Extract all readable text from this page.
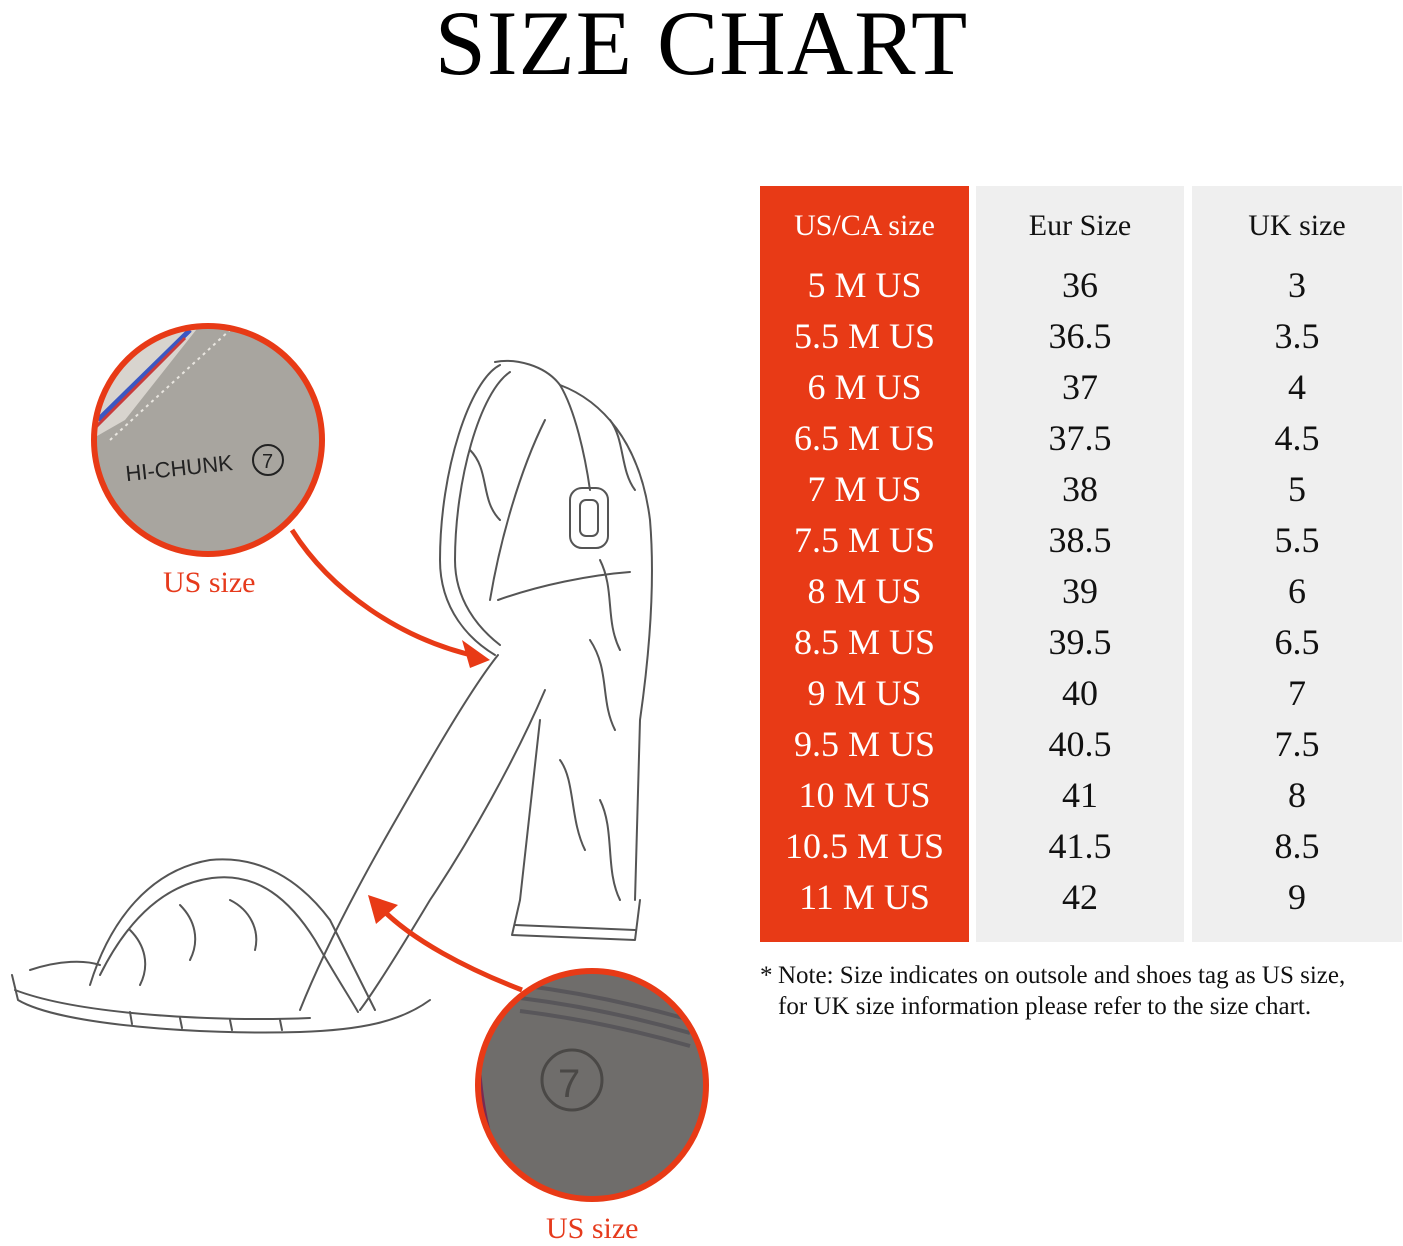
SIZE CHART
HI-CHUNK 7
7
US size
US size
US/CA size
5 M US
5.5 M US
6 M US
6.5 M US
7 M US
7.5 M US
8 M US
8.5 M US
9 M US
9.5 M US
10 M US
10.5 M US
11 M US
Eur Size
36
36.5
37
37.5
38
38.5
39
39.5
40
40.5
41
41.5
42
UK size
3
3.5
4
4.5
5
5.5
6
6.5
7
7.5
8
8.5
9
* Note: Size indicates on outsole and shoes tag as US size,
for UK size information please refer to the size chart.
